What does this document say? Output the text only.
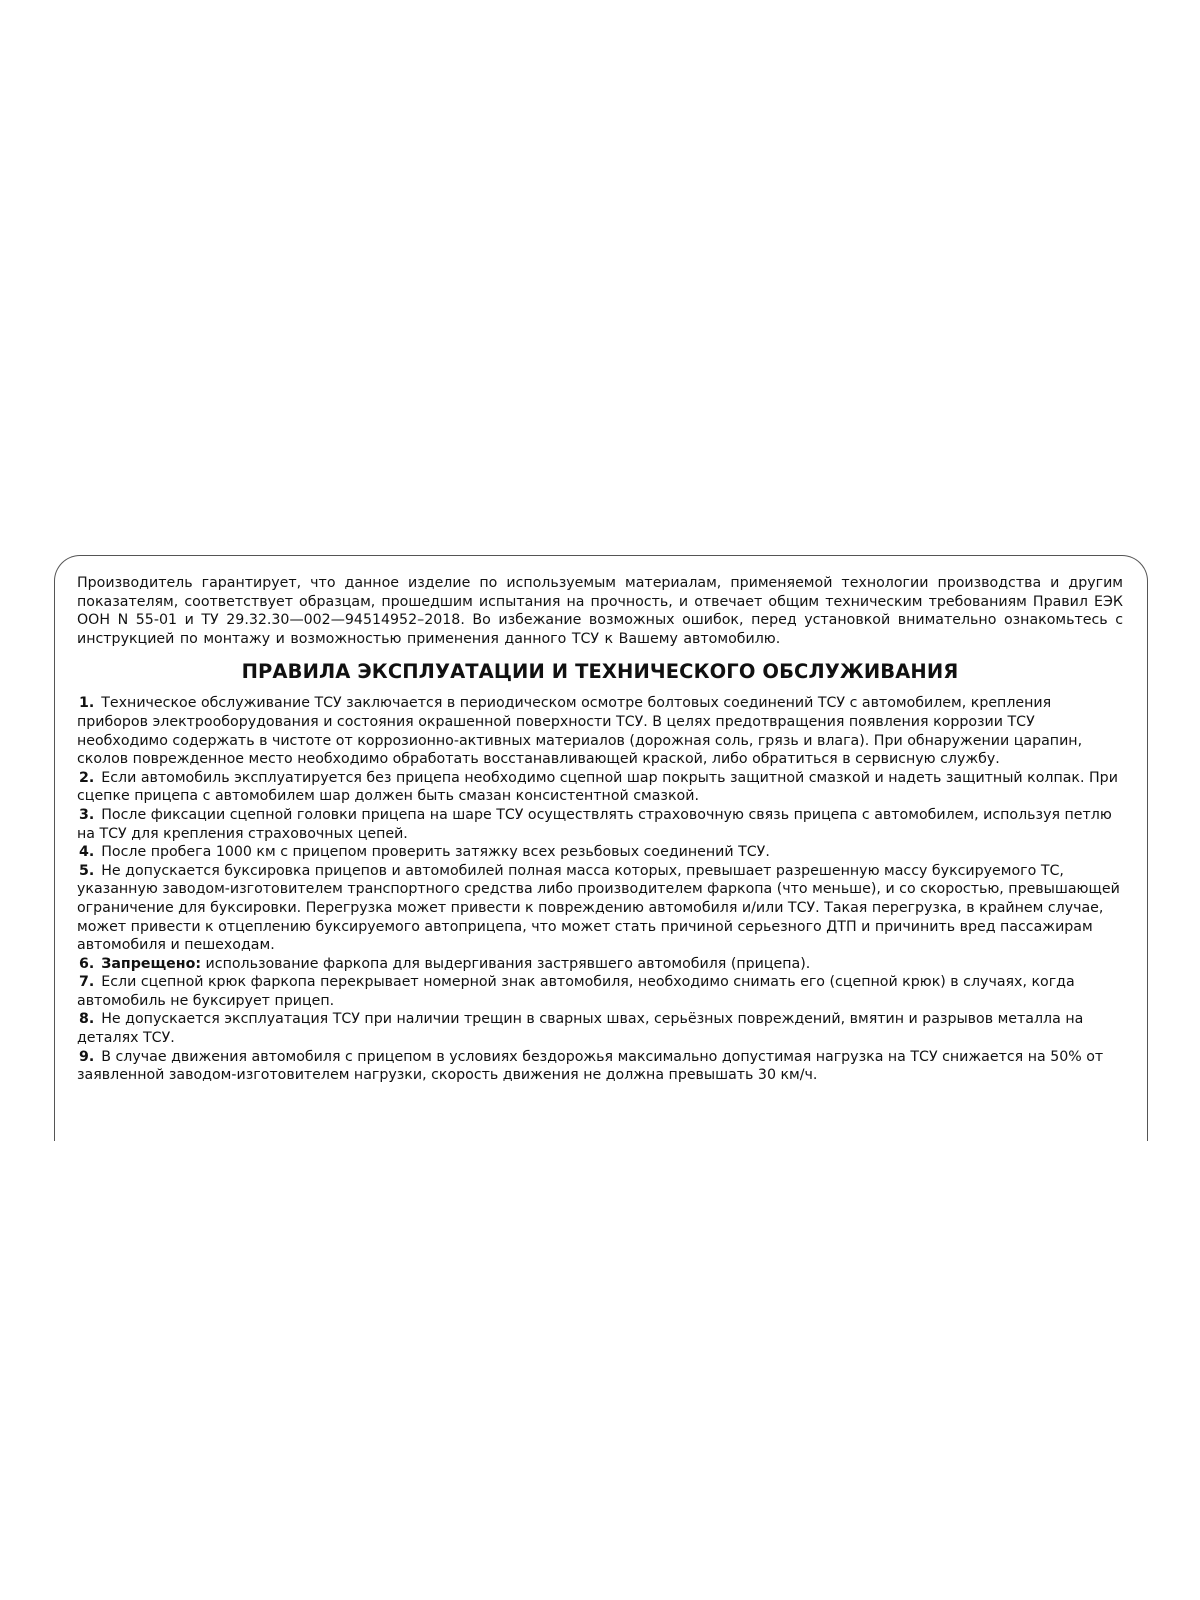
Производитель гарантирует, что данное изделие по используемым материалам, применяемой технологии производства и другим показателям, соответствует образцам, прошедшим испытания на прочность, и отвечает общим техническим требованиям Правил ЕЭК ООН N 55-01 и ТУ 29.32.30—002—94514952–2018. Во избежание возможных ошибок, перед установкой внимательно ознакомьтесь с инструкцией по монтажу и возможностью применения данного ТСУ к Вашему автомобилю.

ПРАВИЛА ЭКСПЛУАТАЦИИ И ТЕХНИЧЕСКОГО ОБСЛУЖИВАНИЯ

1. Техническое обслуживание ТСУ заключается в периодическом осмотре болтовых соединений ТСУ с автомобилем, крепления приборов электрооборудования и состояния окрашенной поверхности ТСУ. В целях предотвращения появления коррозии ТСУ необходимо содержать в чистоте от коррозионно-активных материалов (дорожная соль, грязь и влага). При обнаружении царапин, сколов поврежденное место необходимо обработать восстанавливающей краской, либо обратиться в сервисную службу.

2. Если автомобиль эксплуатируется без прицепа необходимо сцепной шар покрыть защитной смазкой и надеть защитный колпак. При сцепке прицепа с автомобилем шар должен быть смазан консистентной смазкой.

3. После фиксации сцепной головки прицепа на шаре ТСУ осуществлять страховочную связь прицепа с автомобилем, используя петлю на ТСУ для крепления страховочных цепей.

4. После пробега 1000 км с прицепом проверить затяжку всех резьбовых соединений ТСУ.

5. Не допускается буксировка прицепов и автомобилей полная масса которых, превышает разрешенную массу буксируемого ТС, указанную заводом-изготовителем транспортного средства либо производителем фаркопа (что меньше), и со скоростью, превышающей ограничение для буксировки. Перегрузка может привести к повреждению автомобиля и/или ТСУ. Такая перегрузка, в крайнем случае, может привести к отцеплению буксируемого автоприцепа, что может стать причиной серьезного ДТП и причинить вред пассажирам автомобиля и пешеходам.

6. Запрещено: использование фаркопа для выдергивания застрявшего автомобиля (прицепа).

7. Если сцепной крюк фаркопа перекрывает номерной знак автомобиля, необходимо снимать его (сцепной крюк) в случаях, когда автомобиль не буксирует прицеп.

8. Не допускается эксплуатация ТСУ при наличии трещин в сварных швах, серьёзных повреждений, вмятин и разрывов металла на деталях ТСУ.

9. В случае движения автомобиля с прицепом в условиях бездорожья максимально допустимая нагрузка на ТСУ снижается на 50% от заявленной заводом-изготовителем нагрузки, скорость движения не должна превышать 30 км/ч.
